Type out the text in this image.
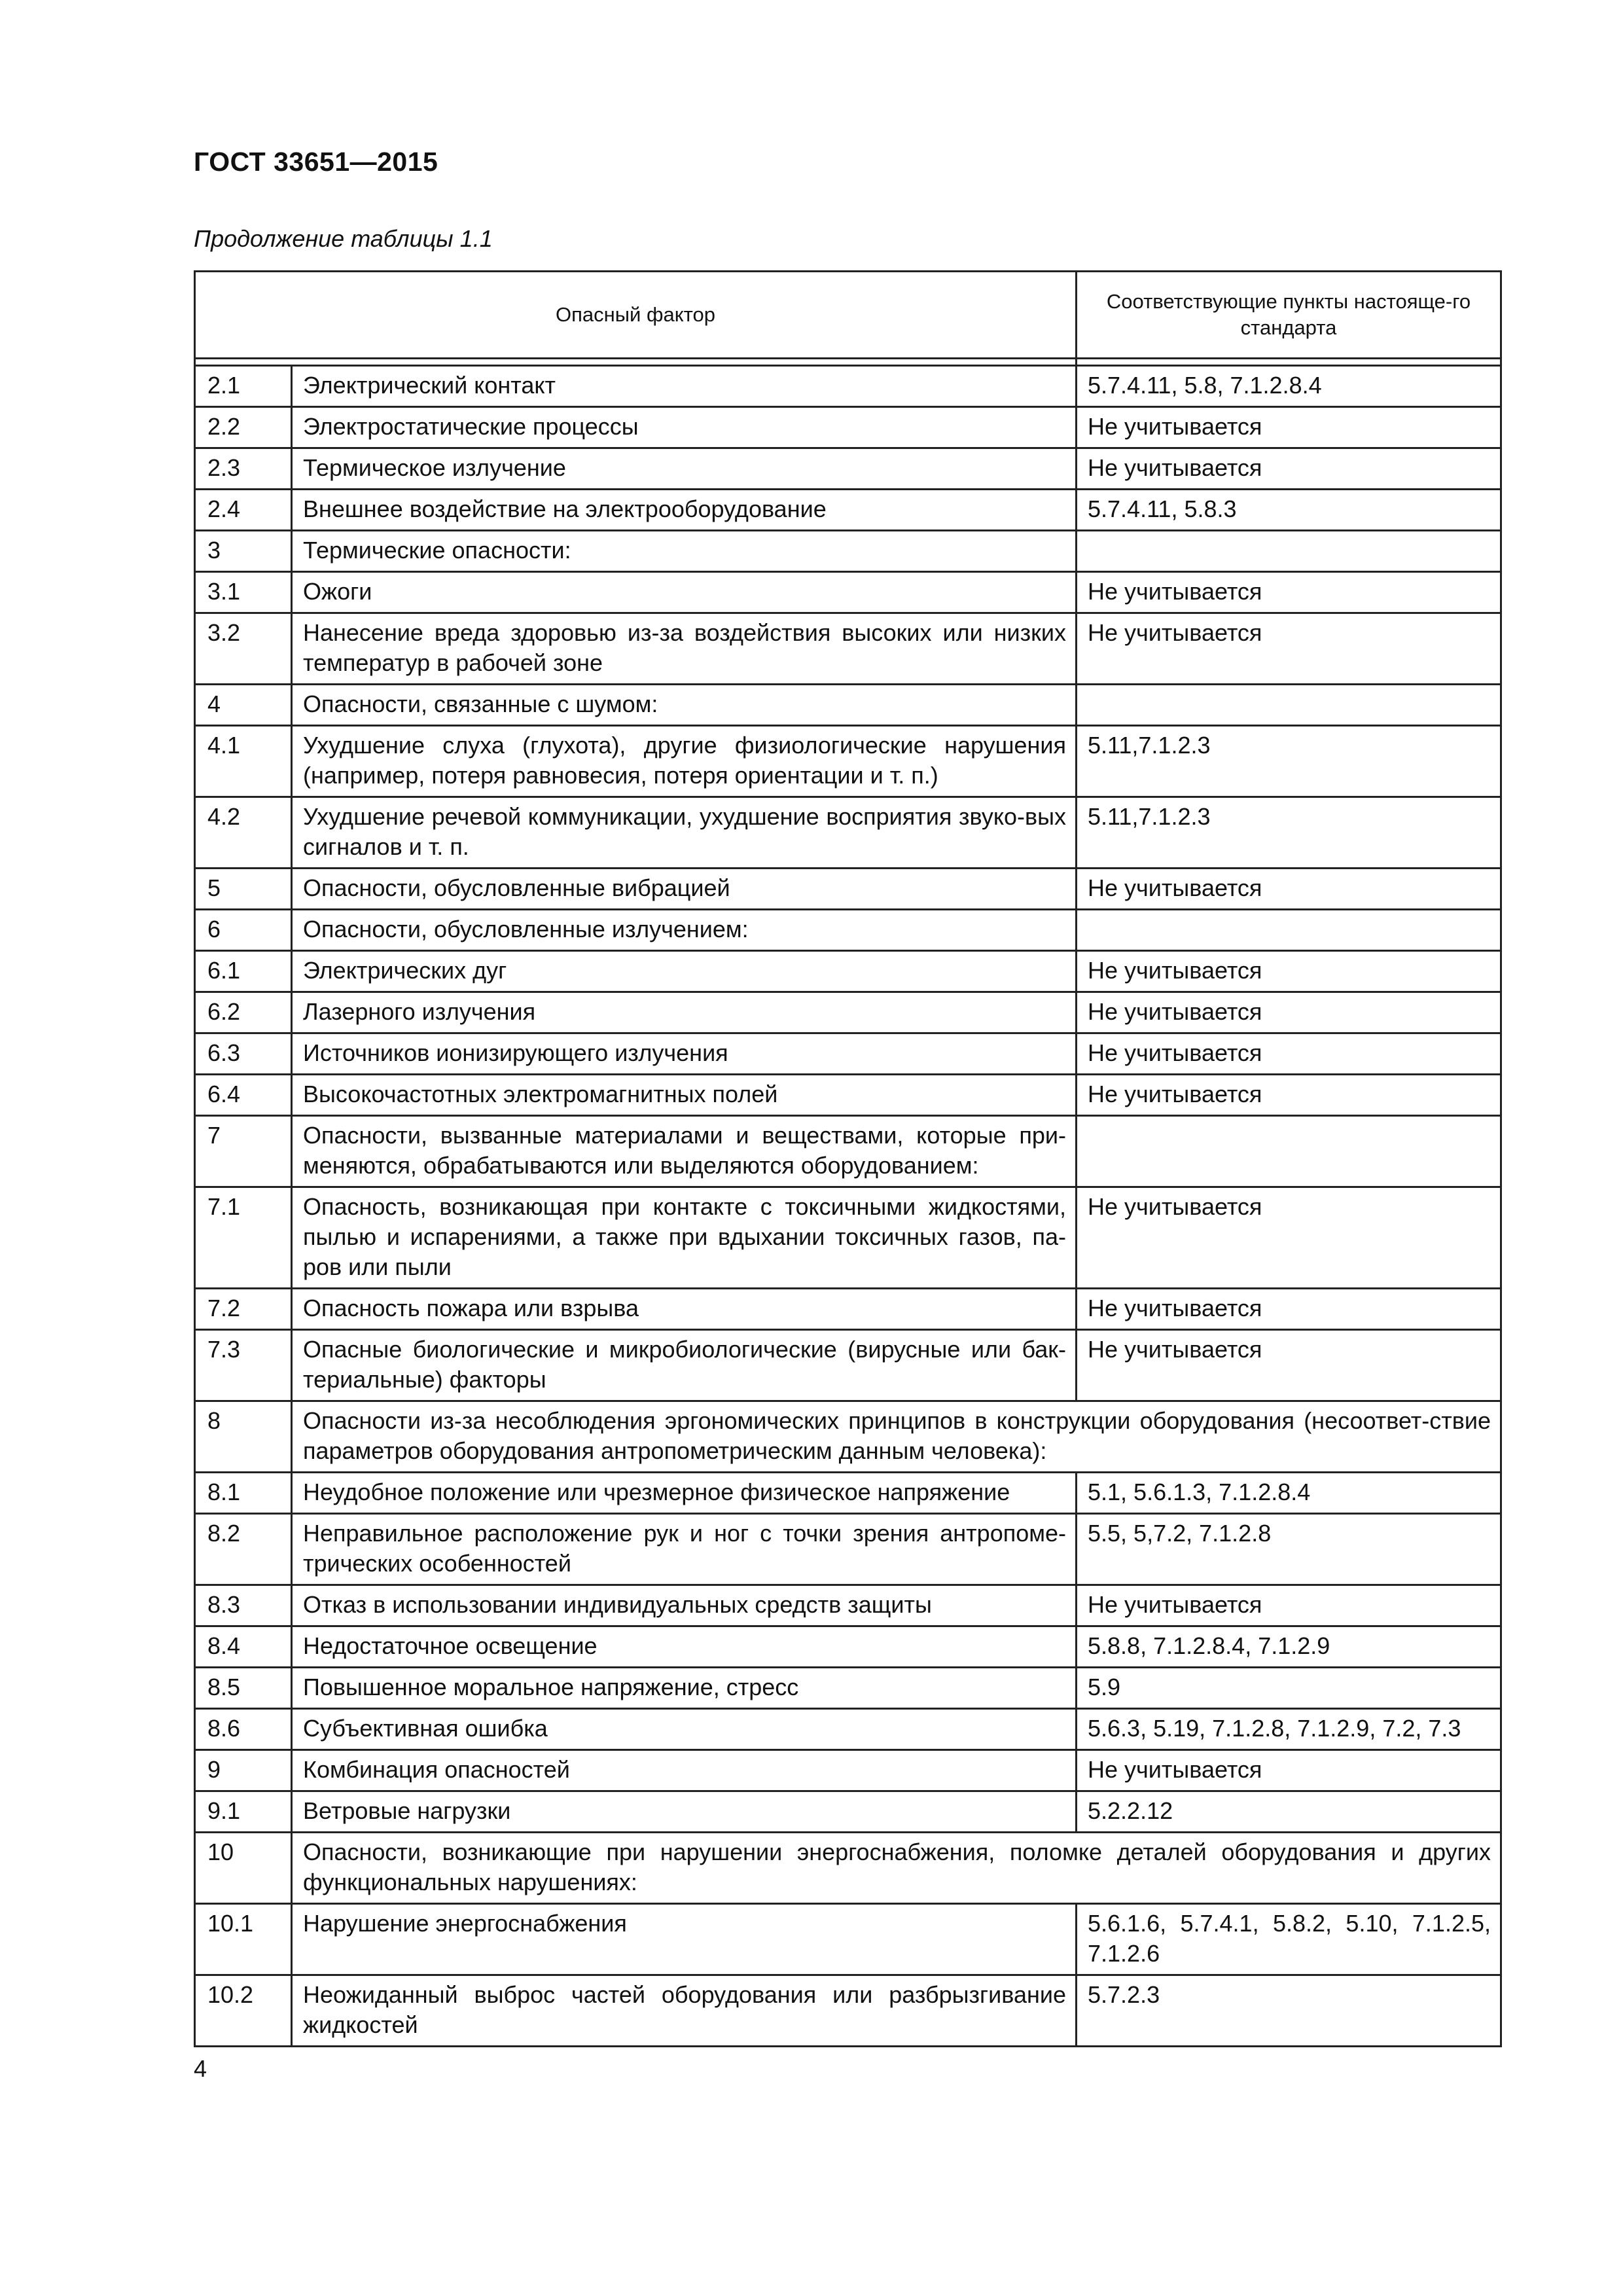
ГОСТ 33651—2015
Продолжение таблицы 1.1
Опасный фактор		Соответствующие пункты настояще-го стандарта

2.1	Электрический контакт	5.7.4.11, 5.8, 7.1.2.8.4
2.2	Электростатические процессы	Не учитывается
2.3	Термическое излучение	Не учитывается
2.4	Внешнее воздействие на электрооборудование	5.7.4.11, 5.8.3
3	Термические опасности:	
3.1	Ожоги	Не учитывается
3.2	Нанесение вреда здоровью из-за воздействия высоких или низких температур в рабочей зоне	Не учитывается
4	Опасности, связанные с шумом:	
4.1	Ухудшение слуха (глухота), другие физиологические нарушения (например, потеря равновесия, потеря ориентации и т. п.)	5.11,7.1.2.3
4.2	Ухудшение речевой коммуникации, ухудшение восприятия звуко-вых сигналов и т. п.	5.11,7.1.2.3
5	Опасности, обусловленные вибрацией	Не учитывается
6	Опасности, обусловленные излучением:	
6.1	Электрических дуг	Не учитывается
6.2	Лазерного излучения	Не учитывается
6.3	Источников ионизирующего излучения	Не учитывается
6.4	Высокочастотных электромагнитных полей	Не учитывается
7	Опасности, вызванные материалами и веществами, которые при-меняются, обрабатываются или выделяются оборудованием:	
7.1	Опасность, возникающая при контакте с токсичными жидкостями, пылью и испарениями, а также при вдыхании токсичных газов, па-ров или пыли	Не учитывается
7.2	Опасность пожара или взрыва	Не учитывается
7.3	Опасные биологические и микробиологические (вирусные или бак-териальные) факторы	Не учитывается
8	Опасности из-за несоблюдения эргономических принципов в конструкции оборудования (несоответ-ствие параметров оборудования антропометрическим данным человека):	
8.1	Неудобное положение или чрезмерное физическое напряжение	5.1, 5.6.1.3, 7.1.2.8.4
8.2	Неправильное расположение рук и ног с точки зрения антропоме-трических особенностей	5.5, 5,7.2, 7.1.2.8
8.3	Отказ в использовании индивидуальных средств защиты	Не учитывается
8.4	Недостаточное освещение	5.8.8, 7.1.2.8.4, 7.1.2.9
8.5	Повышенное моральное напряжение, стресс	5.9
8.6	Субъективная ошибка	5.6.3, 5.19, 7.1.2.8, 7.1.2.9, 7.2, 7.3
9	Комбинация опасностей	Не учитывается
9.1	Ветровые нагрузки	5.2.2.12
10	Опасности, возникающие при нарушении энергоснабжения, поломке деталей оборудования и других функциональных нарушениях:	
10.1	Нарушение энергоснабжения	5.6.1.6, 5.7.4.1, 5.8.2, 5.10, 7.1.2.5, 7.1.2.6
10.2	Неожиданный выброс частей оборудования или разбрызгивание жидкостей	5.7.2.3
4
